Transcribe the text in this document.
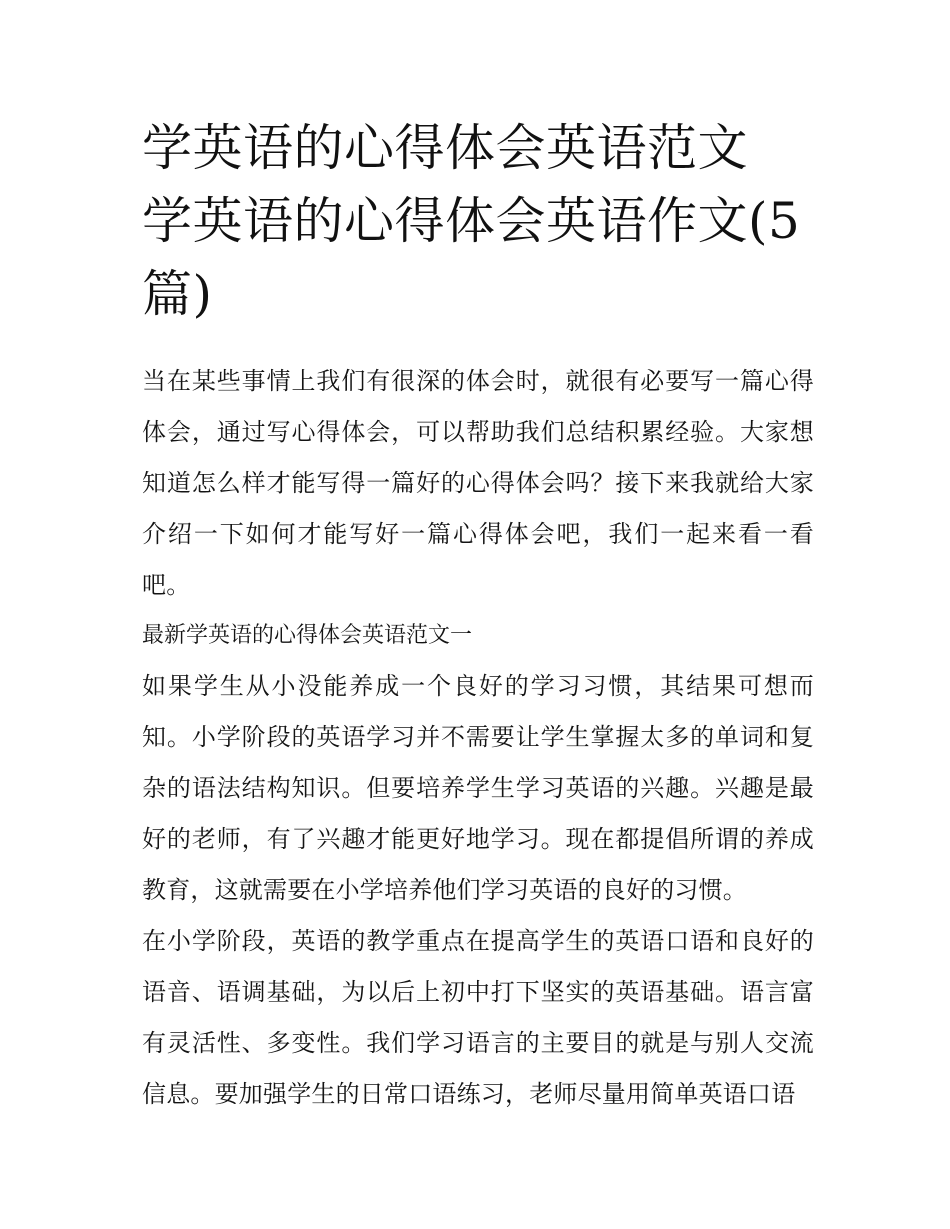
学英语的心得体会英语范文 学英语的心得体会英语作文(5篇)

当在某些事情上我们有很深的体会时，就很有必要写一篇心得体会，通过写心得体会，可以帮助我们总结积累经验。大家想知道怎么样才能写得一篇好的心得体会吗？接下来我就给大家介绍一下如何才能写好一篇心得体会吧，我们一起来看一看吧。

最新学英语的心得体会英语范文一

如果学生从小没能养成一个良好的学习习惯，其结果可想而知。小学阶段的英语学习并不需要让学生掌握太多的单词和复杂的语法结构知识。但要培养学生学习英语的兴趣。兴趣是最好的老师，有了兴趣才能更好地学习。现在都提倡所谓的养成教育，这就需要在小学培养他们学习英语的良好的习惯。

在小学阶段，英语的教学重点在提高学生的英语口语和良好的语音、语调基础，为以后上初中打下坚实的英语基础。语言富有灵活性、多变性。我们学习语言的主要目的就是与别人交流信息。要加强学生的日常口语练习，老师尽量用简单英语口语
